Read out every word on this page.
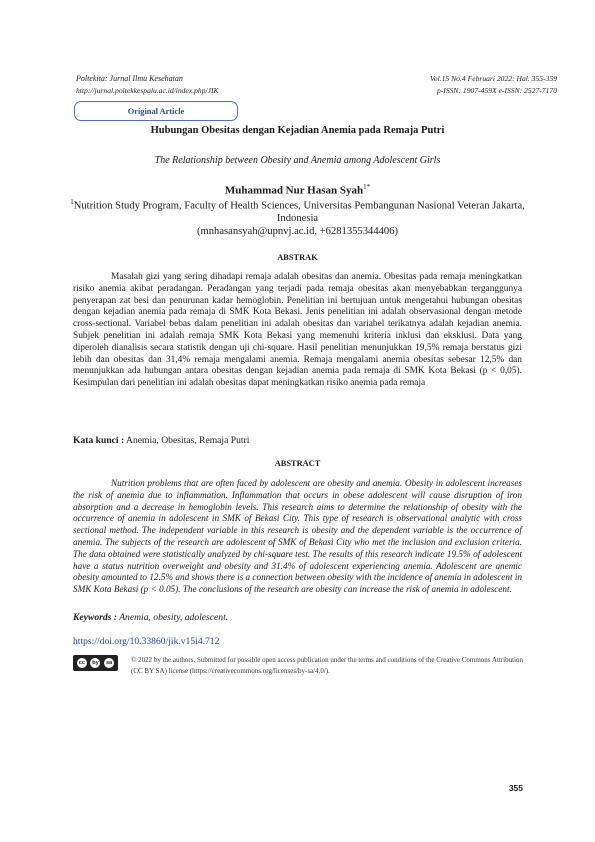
Poltekita: Jurnal Ilmu Kesehatan
http://jurnal.poltekkespalu.ac.id/index.php/JIK
Vol.15 No.4 Februari 2022: Hal. 355-359
p-ISSN: 1907-459X e-ISSN: 2527-7170
Original Article
Hubungan Obesitas dengan Kejadian Anemia pada Remaja Putri
The Relationship between Obesity and Anemia among Adolescent Girls
Muhammad Nur Hasan Syah$^{1*}$
$^1$Nutrition Study Program, Faculty of Health Sciences, Universitas Pembangunan Nasional Veteran Jakarta, Indonesia
(mnhasansyah@upnvj.ac.id, +6281355344406)
ABSTRAK

Masalah gizi yang sering dihadapi remaja adalah obesitas dan anemia. Obesitas pada remaja meningkatkan risiko anemia akibat peradangan. Peradangan yang terjadi pada remaja obesitas akan menyebabkan terganggunya penyerapan zat besi dan penurunan kadar hemoglobin. Penelitian ini bertujuan untuk mengetahui hubungan obesitas dengan kejadian anemia pada remaja di SMK Kota Bekasi. Jenis penelitian ini adalah observasional dengan metode cross-sectional. Variabel bebas dalam penelitian ini adalah obesitas dan variabel terikatnya adalah kejadian anemia. Subjek penelitian ini adalah remaja SMK Kota Bekasi yang memenuhi kriteria inklusi dan eksklusi. Data yang diperoleh dianalisis secara statistik dengan uji chi-square. Hasil penelitian menunjukkan 19,5% remaja berstatus gizi lebih dan obesitas dan 31,4% remaja mengalami anemia. Remaja mengalami anemia obesitas sebesar 12,5% dan menunjukkan ada hubungan antara obesitas dengan kejadian anemia pada remaja di SMK Kota Bekasi (p < 0,05). Kesimpulan dari penelitian ini adalah obesitas dapat meningkatkan risiko anemia pada remaja

Kata kunci : Anemia, Obesitas, Remaja Putri
ABSTRACT

Nutrition problems that are often faced by adolescent are obesity and anemia. Obesity in adolescent increases the risk of anemia due to inflammation. Inflammation that occurs in obese adolescent will cause disruption of iron absorption and a decrease in hemoglobin levels. This research aims to determine the relationship of obesity with the occurrence of anemia in adolescent in SMK of Bekasi City. This type of research is observational analytic with cross sectional method. The independent variable in this research is obesity and the dependent variable is the occurrence of anemia. The subjects of the research are adolescent of SMK of Bekasi City who met the inclusion and exclusion criteria. The data obtained were statistically analyzed by chi-square test. The results of this research indicate 19.5% of adolescent have a status nutrition overweight and obesity and 31.4% of adolescent experiencing anemia. Adolescent are anemic obesity amounted to 12.5% and shows there is a connection between obesity with the incidence of anemia in adolescent in SMK Kota Bekasi (p < 0.05). The conclusions of the research are obesity can increase the risk of anemia in adolescent.

Keywords : Anemia, obesity, adolescent.
https://doi.org/10.33860/jik.v15i4.712
cc	by	sa	© 2022 by the authors. Submitted for possible open access publication under the terms and conditions of the Creative Commons Attribution (CC BY SA) license (https://creativecommons.org/licenses/by-sa/4.0/).
355
